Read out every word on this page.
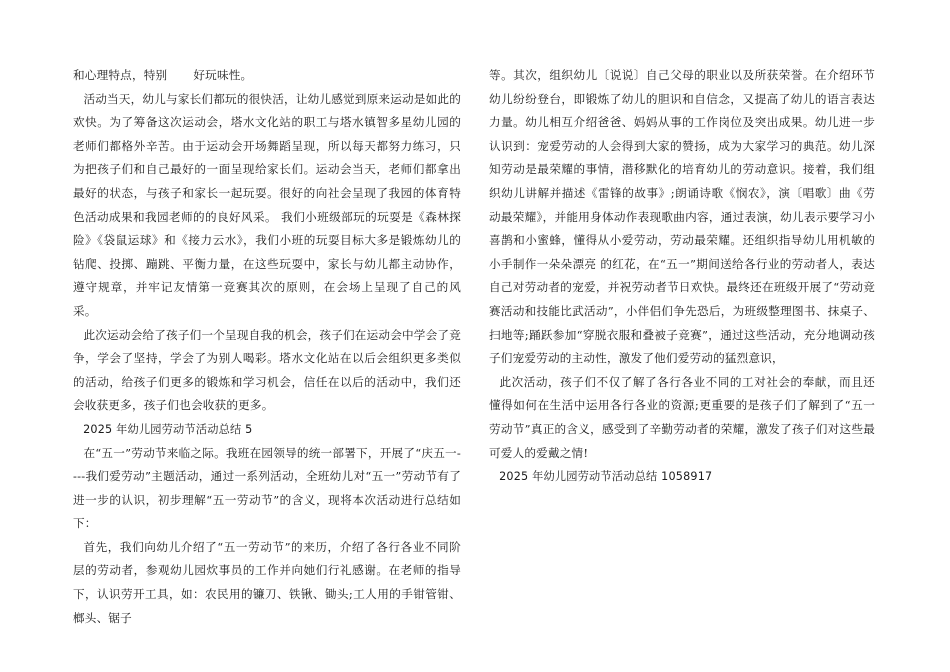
和心理特点，特别 好玩味性。

活动当天，幼儿与家长们都玩的很快活，让幼儿感觉到原来运动是如此的欢快。为了筹备这次运动会，塔水文化站的职工与塔水镇智多星幼儿园的老师们都格外辛苦。由于运动会开场舞蹈呈现，所以每天都努力练习，只为把孩子们和自己最好的一面呈现给家长们。运动会当天，老师们都拿出最好的状态，与孩子和家长一起玩耍。很好的向社会呈现了我园的体育特色活动成果和我园老师的的良好风采。 我们小班级部玩的玩耍是《森林探险》《袋鼠运球》和《接力云水》，我们小班的玩耍目标大多是锻炼幼儿的钻爬、投掷、蹦跳、平衡力量，在这些玩耍中，家长与幼儿都主动协作，遵守规章，并牢记友情第一竞赛其次的原则，在会场上呈现了自己的风采。

此次运动会给了孩子们一个呈现自我的机会，孩子们在运动会中学会了竞争，学会了坚持，学会了为别人喝彩。塔水文化站在以后会组织更多类似的活动，给孩子们更多的锻炼和学习机会，信任在以后的活动中，我们还会收获更多，孩子们也会收获的更多。

2025 年幼儿园劳动节活动总结 5

在“五一”劳动节来临之际。我班在园领导的统一部署下，开展了“庆五一----我们爱劳动”主题活动，通过一系列活动，全班幼儿对“五一”劳动节有了进一步的认识，初步理解“五一劳动节”的含义，现将本次活动进行总结如下：

首先，我们向幼儿介绍了“五一劳动节”的来历，介绍了各行各业不同阶层的劳动者，参观幼儿园炊事员的工作并向她们行礼感谢。在老师的指导下，认识劳开工具，如：农民用的镰刀、铁锹、锄头;工人用的手钳管钳、榔头、锯子

等。其次，组织幼儿〔说说〕自己父母的职业以及所获荣誉。在介绍环节幼儿纷纷登台，即锻炼了幼儿的胆识和自信念，又提高了幼儿的语言表达力量。幼儿相互介绍爸爸、妈妈从事的工作岗位及突出成果。幼儿进一步认识到：宠爱劳动的人会得到大家的赞扬，成为大家学习的典范。幼儿深知劳动是最荣耀的事情，潜移默化的培育幼儿的劳动意识。接着，我们组织幼儿讲解并描述《雷锋的故事》;朗诵诗歌《悯农》，演〔唱歌〕曲《劳动最荣耀》，并能用身体动作表现歌曲内容，通过表演，幼儿表示要学习小喜鹊和小蜜蜂，懂得从小爱劳动，劳动最荣耀。还组织指导幼儿用机敏的小手制作一朵朵漂亮 的红花，在“五一”期间送给各行业的劳动者人，表达自己对劳动者的宠爱，并祝劳动者节日欢快。最终还在班级开展了“劳动竞赛活动和技能比武活动”，小伴侣们争先恐后，为班级整理图书、抹桌子、扫地等;踊跃参加“穿脱衣服和叠被子竞赛”，通过这些活动，充分地调动孩子们宠爱劳动的主动性，激发了他们爱劳动的猛烈意识，

此次活动，孩子们不仅了解了各行各业不同的工对社会的奉献，而且还懂得如何在生活中运用各行各业的资源;更重要的是孩子们了解到了“五一劳动节”真正的含义，感受到了辛勤劳动者的荣耀，激发了孩子们对这些最可爱人的爱戴之情!

2025 年幼儿园劳动节活动总结 1058917
